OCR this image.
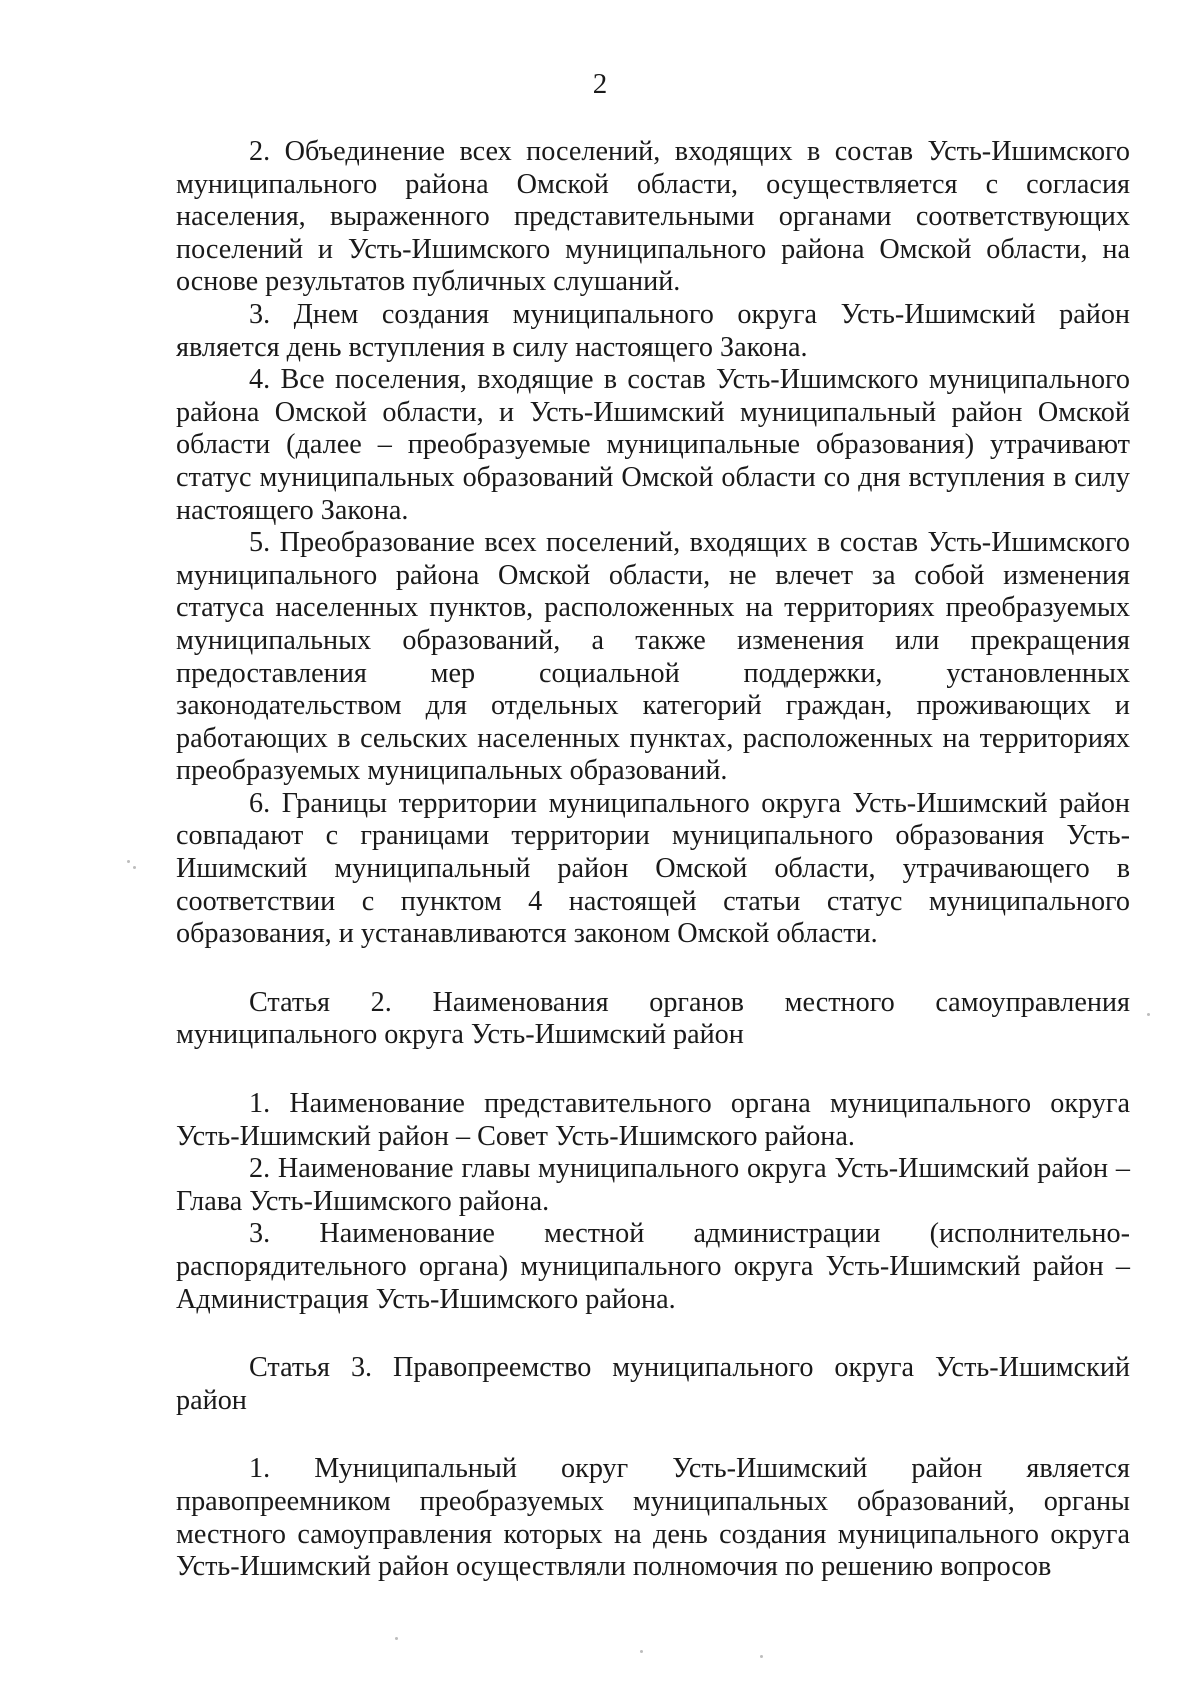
2

2. Объединение всех поселений, входящих в состав Усть-Ишимского муниципального района Омской области, осуществляется с согласия населения, выраженного представительными органами соответствующих поселений и Усть-Ишимского муниципального района Омской области, на основе результатов публичных слушаний.

3. Днем создания муниципального округа Усть-Ишимский район является день вступления в силу настоящего Закона.

4. Все поселения, входящие в состав Усть-Ишимского муниципального района Омской области, и Усть-Ишимский муниципальный район Омской области (далее – преобразуемые муниципальные образования) утрачивают статус муниципальных образований Омской области со дня вступления в силу настоящего Закона.

5. Преобразование всех поселений, входящих в состав Усть-Ишимского муниципального района Омской области, не влечет за собой изменения статуса населенных пунктов, расположенных на территориях преобразуемых муниципальных образований, а также изменения или прекращения предоставления мер социальной поддержки, установленных законодательством для отдельных категорий граждан, проживающих и работающих в сельских населенных пунктах, расположенных на территориях преобразуемых муниципальных образований.

6. Границы территории муниципального округа Усть-Ишимский район совпадают с границами территории муниципального образования Усть-Ишимский муниципальный район Омской области, утрачивающего в соответствии с пунктом 4 настоящей статьи статус муниципального образования, и устанавливаются законом Омской области.

Статья 2. Наименования органов местного самоуправления муниципального округа Усть-Ишимский район

1. Наименование представительного органа муниципального округа Усть-Ишимский район – Совет Усть-Ишимского района.

2. Наименование главы муниципального округа Усть-Ишимский район – Глава Усть-Ишимского района.

3. Наименование местной администрации (исполнительно-распорядительного органа) муниципального округа Усть-Ишимский район – Администрация Усть-Ишимского района.

Статья 3. Правопреемство муниципального округа Усть-Ишимский район

1. Муниципальный округ Усть-Ишимский район является правопреемником преобразуемых муниципальных образований, органы местного самоуправления которых на день создания муниципального округа Усть-Ишимский район осуществляли полномочия по решению вопросов
